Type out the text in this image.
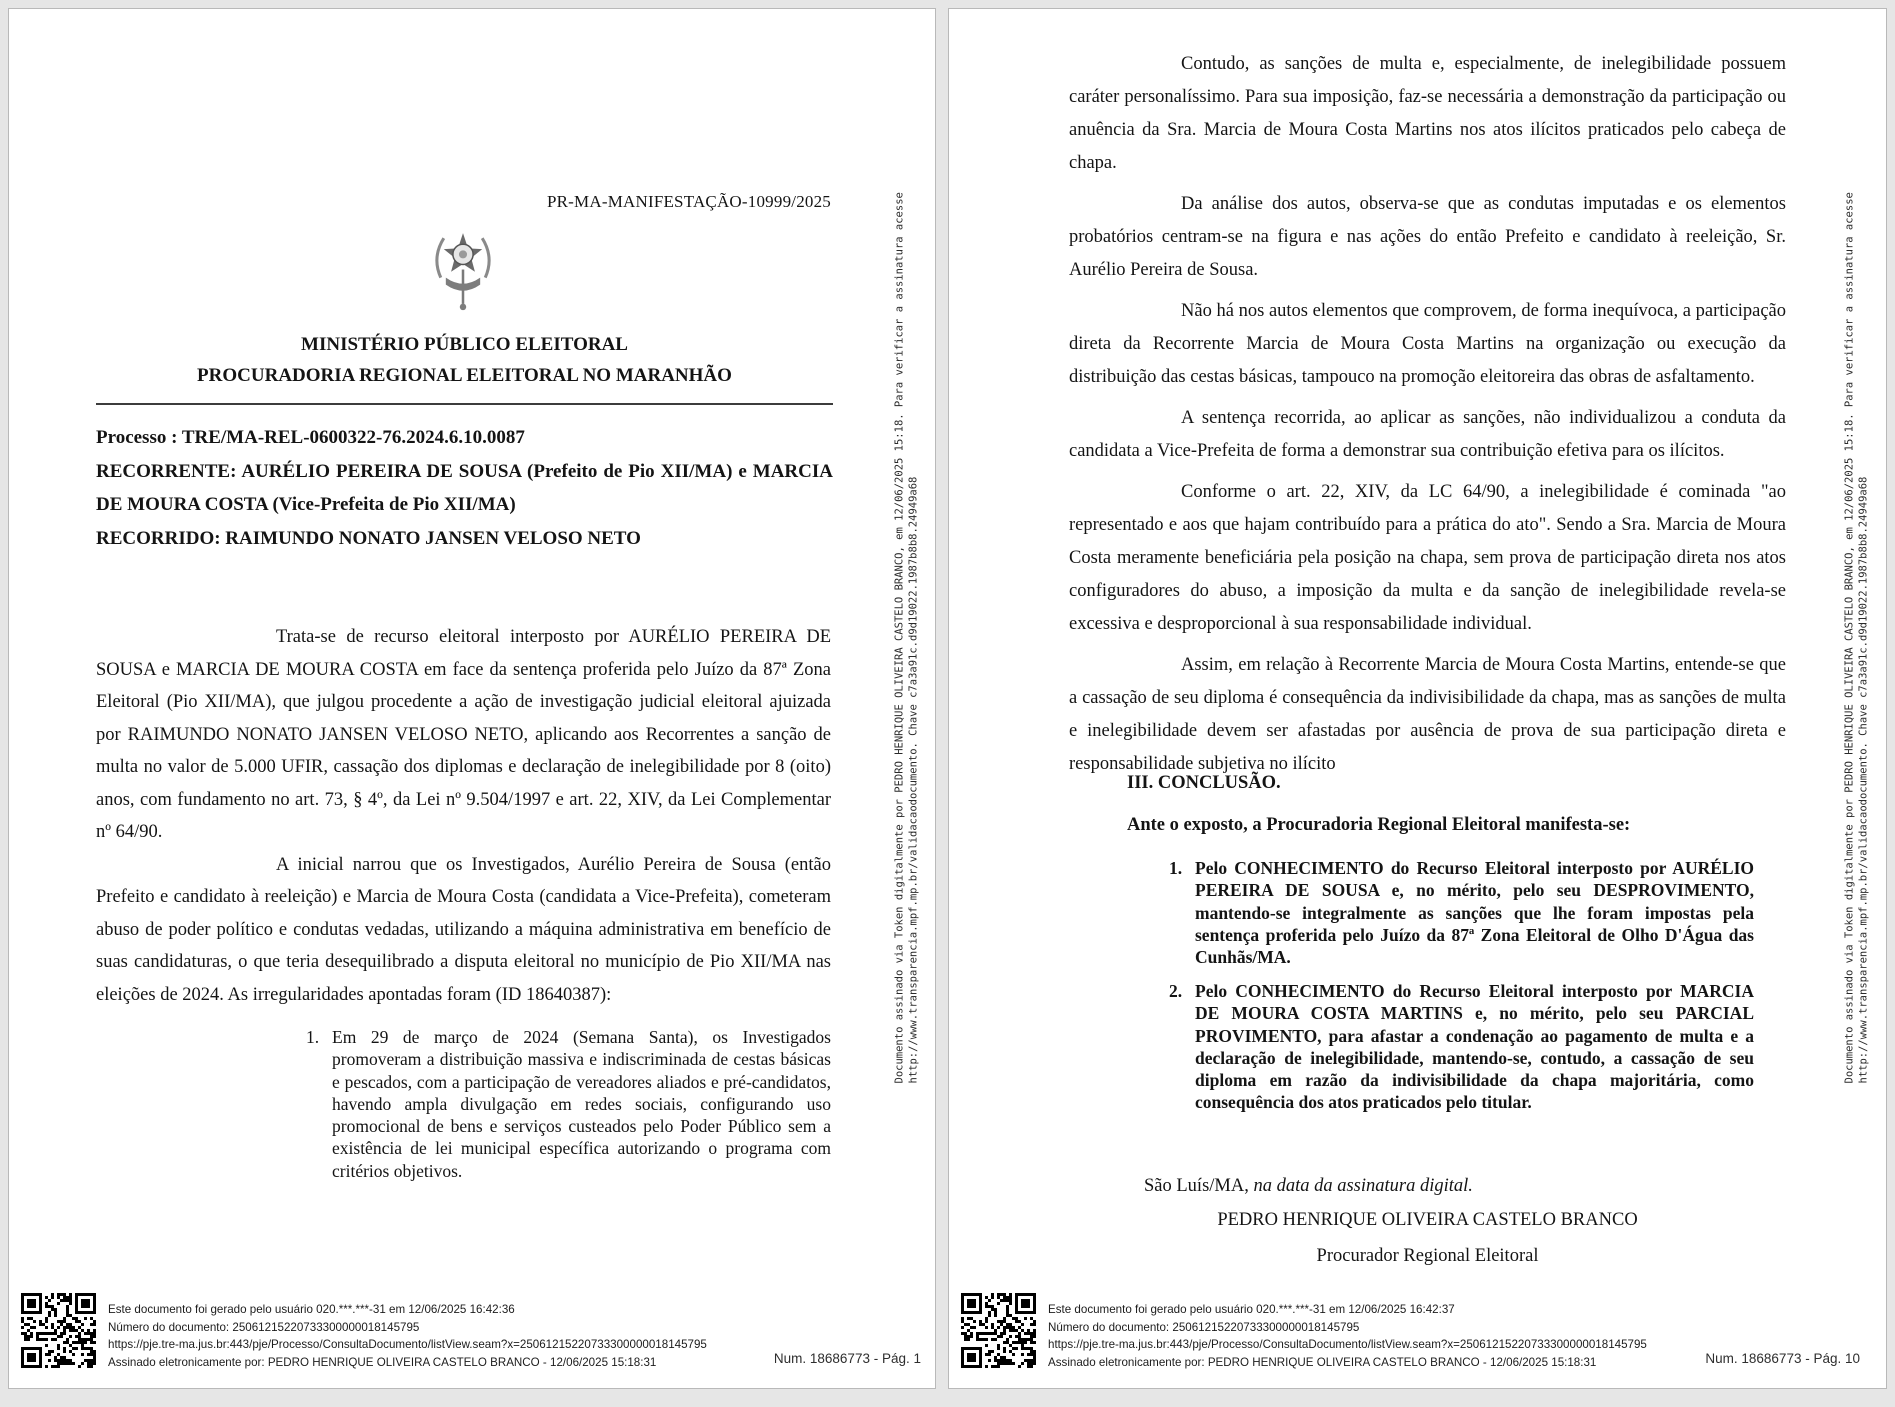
PR-MA-MANIFESTAÇÃO-10999/2025
MINISTÉRIO PÚBLICO ELEITORAL
PROCURADORIA REGIONAL ELEITORAL NO MARANHÃO

Processo : TRE/MA-REL-0600322-76.2024.6.10.0087

RECORRENTE: AURÉLIO PEREIRA DE SOUSA (Prefeito de Pio XII/MA) e MARCIA DE MOURA COSTA (Vice-Prefeita de Pio XII/MA)

RECORRIDO: RAIMUNDO NONATO JANSEN VELOSO NETO

Trata-se de recurso eleitoral interposto por AURÉLIO PEREIRA DE SOUSA e MARCIA DE MOURA COSTA em face da sentença proferida pelo Juízo da 87ª Zona Eleitoral (Pio XII/MA), que julgou procedente a ação de investigação judicial eleitoral ajuizada por RAIMUNDO NONATO JANSEN VELOSO NETO, aplicando aos Recorrentes a sanção de multa no valor de 5.000 UFIR, cassação dos diplomas e declaração de inelegibilidade por 8 (oito) anos, com fundamento no art. 73, § 4º, da Lei nº 9.504/1997 e art. 22, XIV, da Lei Complementar nº 64/90.

A inicial narrou que os Investigados, Aurélio Pereira de Sousa (então Prefeito e candidato à reeleição) e Marcia de Moura Costa (candidata a Vice-Prefeita), cometeram abuso de poder político e condutas vedadas, utilizando a máquina administrativa em benefício de suas candidaturas, o que teria desequilibrado a disputa eleitoral no município de Pio XII/MA nas eleições de 2024. As irregularidades apontadas foram (ID 18640387):

1. Em 29 de março de 2024 (Semana Santa), os Investigados promoveram a distribuição massiva e indiscriminada de cestas básicas e pescados, com a participação de vereadores aliados e pré-candidatos, havendo ampla divulgação em redes sociais, configurando uso promocional de bens e serviços custeados pelo Poder Público sem a existência de lei municipal específica autorizando o programa com critérios objetivos.
Este documento foi gerado pelo usuário 020.***.***-31 em 12/06/2025 16:42:36
Número do documento: 25061215220733300000018145795
https://pje.tre-ma.jus.br:443/pje/Processo/ConsultaDocumento/listView.seam?x=25061215220733300000018145795
Assinado eletronicamente por: PEDRO HENRIQUE OLIVEIRA CASTELO BRANCO - 12/06/2025 15:18:31	Num. 18686773 - Pág. 1
Documento assinado via Token digitalmente por PEDRO HENRIQUE OLIVEIRA CASTELO BRANCO, em 12/06/2025 15:18. Para verificar a assinatura acesse http://www.transparencia.mpf.mp.br/validacaodocumento. Chave c7a3a91c.d9d19022.1987b8b8.24949a68

Contudo, as sanções de multa e, especialmente, de inelegibilidade possuem caráter personalíssimo. Para sua imposição, faz-se necessária a demonstração da participação ou anuência da Sra. Marcia de Moura Costa Martins nos atos ilícitos praticados pelo cabeça de chapa.

Da análise dos autos, observa-se que as condutas imputadas e os elementos probatórios centram-se na figura e nas ações do então Prefeito e candidato à reeleição, Sr. Aurélio Pereira de Sousa.

Não há nos autos elementos que comprovem, de forma inequívoca, a participação direta da Recorrente Marcia de Moura Costa Martins na organização ou execução da distribuição das cestas básicas, tampouco na promoção eleitoreira das obras de asfaltamento.

A sentença recorrida, ao aplicar as sanções, não individualizou a conduta da candidata a Vice-Prefeita de forma a demonstrar sua contribuição efetiva para os ilícitos.

Conforme o art. 22, XIV, da LC 64/90, a inelegibilidade é cominada "ao representado e aos que hajam contribuído para a prática do ato". Sendo a Sra. Marcia de Moura Costa meramente beneficiária pela posição na chapa, sem prova de participação direta nos atos configuradores do abuso, a imposição da multa e da sanção de inelegibilidade revela-se excessiva e desproporcional à sua responsabilidade individual.

Assim, em relação à Recorrente Marcia de Moura Costa Martins, entende-se que a cassação de seu diploma é consequência da indivisibilidade da chapa, mas as sanções de multa e inelegibilidade devem ser afastadas por ausência de prova de sua participação direta e responsabilidade subjetiva no ilícito

III. CONCLUSÃO.
Ante o exposto, a Procuradoria Regional Eleitoral manifesta-se:
1. Pelo CONHECIMENTO do Recurso Eleitoral interposto por AURÉLIO PEREIRA DE SOUSA e, no mérito, pelo seu DESPROVIMENTO, mantendo-se integralmente as sanções que lhe foram impostas pela sentença proferida pelo Juízo da 87ª Zona Eleitoral de Olho D'Água das Cunhãs/MA.
2. Pelo CONHECIMENTO do Recurso Eleitoral interposto por MARCIA DE MOURA COSTA MARTINS e, no mérito, pelo seu PARCIAL PROVIMENTO, para afastar a condenação ao pagamento de multa e a declaração de inelegibilidade, mantendo-se, contudo, a cassação de seu diploma em razão da indivisibilidade da chapa majoritária, como consequência dos atos praticados pelo titular.
São Luís/MA, na data da assinatura digital.
PEDRO HENRIQUE OLIVEIRA CASTELO BRANCO
Procurador Regional Eleitoral
Este documento foi gerado pelo usuário 020.***.***-31 em 12/06/2025 16:42:37
Número do documento: 25061215220733300000018145795
https://pje.tre-ma.jus.br:443/pje/Processo/ConsultaDocumento/listView.seam?x=25061215220733300000018145795
Assinado eletronicamente por: PEDRO HENRIQUE OLIVEIRA CASTELO BRANCO - 12/06/2025 15:18:31	Num. 18686773 - Pág. 10
Documento assinado via Token digitalmente por PEDRO HENRIQUE OLIVEIRA CASTELO BRANCO, em 12/06/2025 15:18. Para verificar a assinatura acesse http://www.transparencia.mpf.mp.br/validacaodocumento. Chave c7a3a91c.d9d19022.1987b8b8.24949a68
